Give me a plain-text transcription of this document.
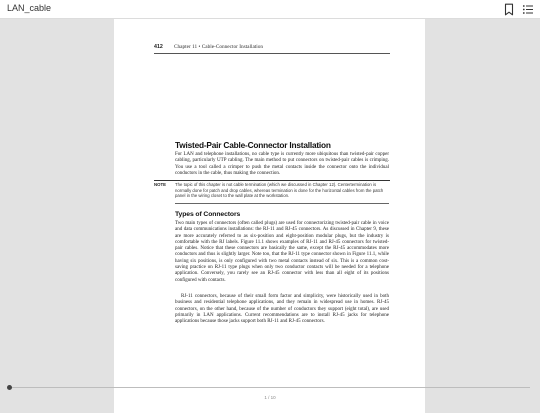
LAN_cable
412 Chapter 11 • Cable-Connector Installation
Twisted-Pair Cable-Connector Installation

For LAN and telephone installations, no cable type is currently more ubiquitous than twisted-pair copper cabling, particularly UTP cabling. The main method to put connectors on twisted-pair cables is crimping. You use a tool called a crimper to push the metal contacts inside the connector onto the individual conductors in the cable, thus making the connection.

NOTE The topic of this chapter is not cable termination (which we discussed in Chapter 12). Centertermination is normally done for patch and drop cables, whereas termination is done for the horizontal cables from the patch panel in the wiring closet to the wall plate at the workstation.

Types of Connectors

Two main types of connectors (often called plugs) are used for connectorizing twisted-pair cable in voice and data communications installations: the RJ-11 and RJ-45 connectors. As discussed in Chapter 9, these are more accurately referred to as six-position and eight-position modular plugs, but the industry is comfortable with the RJ labels. Figure 11.1 shows examples of RJ-11 and RJ-45 connectors for twisted-pair cables. Notice that these connectors are basically the same, except the RJ-45 accommodates more conductors and thus is slightly larger. Note too, that the RJ-11 type connector shown in Figure 11.1, while having six positions, is only configured with two metal contacts instead of six. This is a common cost-saving practice on RJ-11 type plugs when only two conductor contacts will be needed for a telephone application. Conversely, you rarely see an RJ-45 connector with less than all eight of its positions configured with contacts.

RJ-11 connectors, because of their small form factor and simplicity, were historically used in both business and residential telephone applications, and they remain in widespread use in homes. RJ-45 connectors, on the other hand, because of the number of conductors they support (eight total), are used primarily in LAN applications. Current recommendations are to install RJ-45 jacks for telephone applications because those jacks support both RJ-11 and RJ-45 connectors.

1 / 10
